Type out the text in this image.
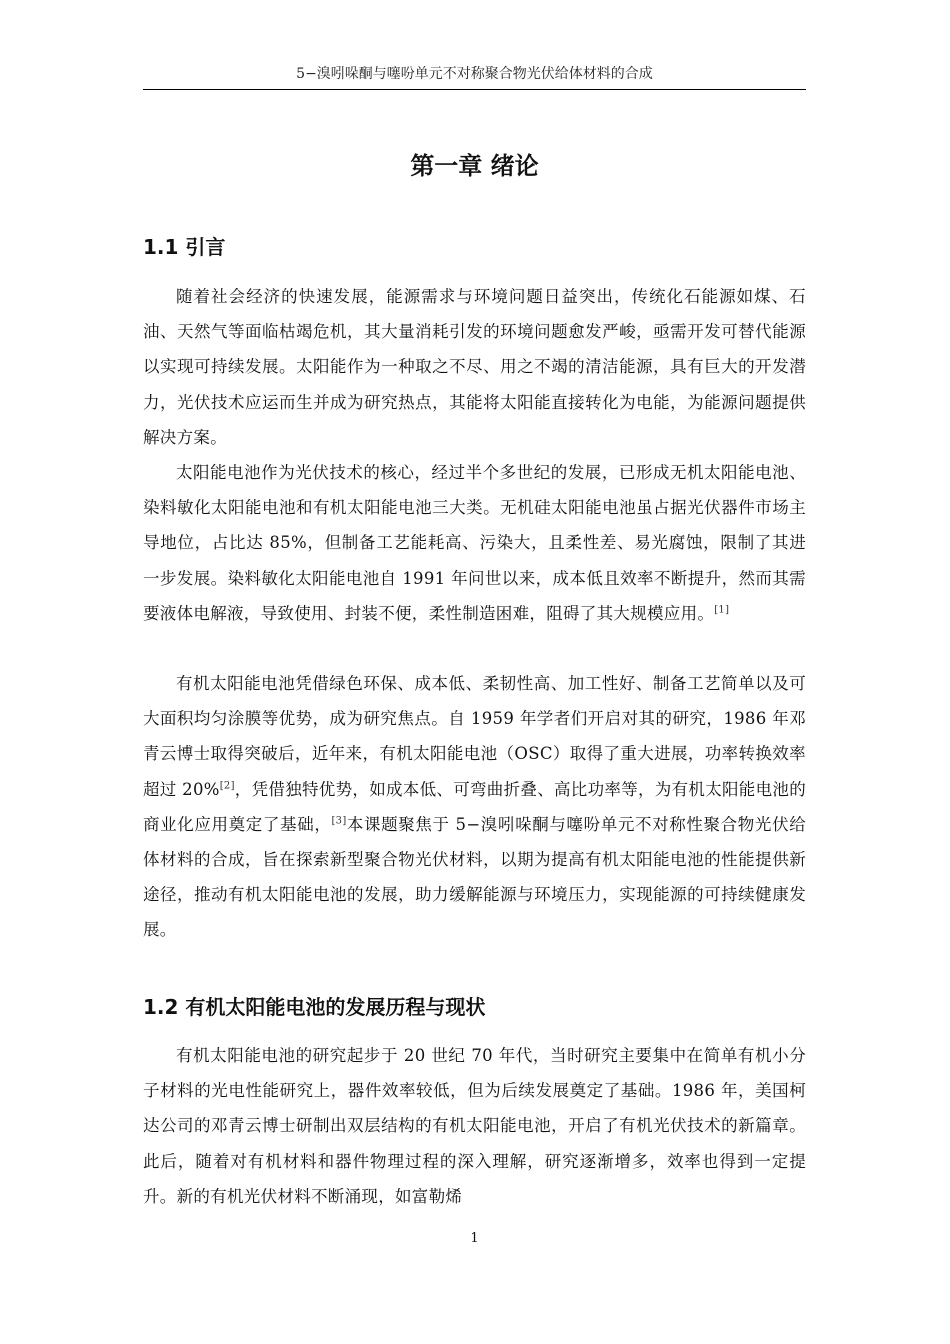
5−溴吲哚酮与噻吩单元不对称聚合物光伏给体材料的合成
第一章 绪论
1.1 引言

随着社会经济的快速发展，能源需求与环境问题日益突出，传统化石能源如煤、石油、天然气等面临枯竭危机，其大量消耗引发的环境问题愈发严峻，亟需开发可替代能源以实现可持续发展。太阳能作为一种取之不尽、用之不竭的清洁能源，具有巨大的开发潜力，光伏技术应运而生并成为研究热点，其能将太阳能直接转化为电能，为能源问题提供解决方案。

太阳能电池作为光伏技术的核心，经过半个多世纪的发展，已形成无机太阳能电池、染料敏化太阳能电池和有机太阳能电池三大类。无机硅太阳能电池虽占据光伏器件市场主导地位，占比达 85%，但制备工艺能耗高、污染大，且柔性差、易光腐蚀，限制了其进一步发展。染料敏化太阳能电池自 1991 年问世以来，成本低且效率不断提升，然而其需要液体电解液，导致使用、封装不便，柔性制造困难，阻碍了其大规模应用。[1]

有机太阳能电池凭借绿色环保、成本低、柔韧性高、加工性好、制备工艺简单以及可大面积均匀涂膜等优势，成为研究焦点。自 1959 年学者们开启对其的研究，1986 年邓青云博士取得突破后，近年来，有机太阳能电池（OSC）取得了重大进展，功率转换效率超过 20%[2]，凭借独特优势，如成本低、可弯曲折叠、高比功率等，为有机太阳能电池的商业化应用奠定了基础，[3]本课题聚焦于 5−溴吲哚酮与噻吩单元不对称性聚合物光伏给体材料的合成，旨在探索新型聚合物光伏材料，以期为提高有机太阳能电池的性能提供新途径，推动有机太阳能电池的发展，助力缓解能源与环境压力，实现能源的可持续健康发展。

1.2 有机太阳能电池的发展历程与现状

有机太阳能电池的研究起步于 20 世纪 70 年代，当时研究主要集中在简单有机小分子材料的光电性能研究上，器件效率较低，但为后续发展奠定了基础。1986 年，美国柯达公司的邓青云博士研制出双层结构的有机太阳能电池，开启了有机光伏技术的新篇章。此后，随着对有机材料和器件物理过程的深入理解，研究逐渐增多，效率也得到一定提升。新的有机光伏材料不断涌现，如富勒烯

1
